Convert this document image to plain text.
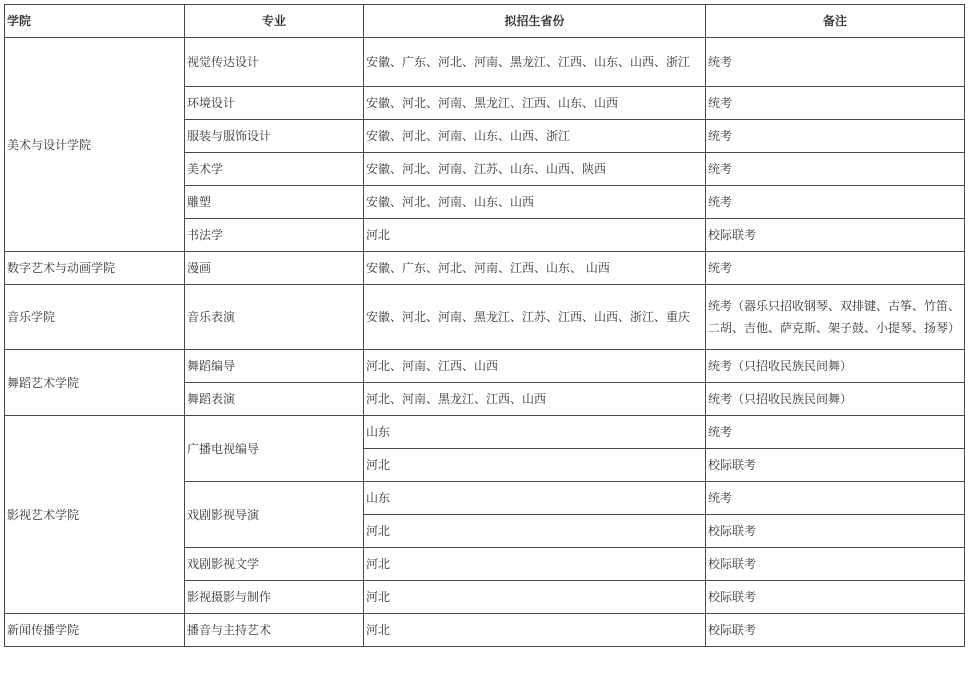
学院	专业	拟招生省份	备注
美术与设计学院	视觉传达设计	安徽、广东、河北、河南、黑龙江、江西、山东、山西、浙江	统考
	环境设计	安徽、河北、河南、黑龙江、江西、山东、山西	统考
	服装与服饰设计	安徽、河北、河南、山东、山西、浙江	统考
	美术学	安徽、河北、河南、江苏、山东、山西、陕西	统考
	雕塑	安徽、河北、河南、山东、山西	统考
	书法学	河北	校际联考
数字艺术与动画学院	漫画	安徽、广东、河北、河南、江西、山东、 山西	统考
音乐学院	音乐表演	安徽、河北、河南、黑龙江、江苏、江西、山西、浙江、重庆	统考（器乐只招收钢琴、双排键、古筝、竹笛、二胡、吉他、萨克斯、架子鼓、小提琴、扬琴）
舞蹈艺术学院	舞蹈编导	河北、河南、江西、山西	统考（只招收民族民间舞）
	舞蹈表演	河北、河南、黑龙江、江西、山西	统考（只招收民族民间舞）
影视艺术学院	广播电视编导	山东	统考
		河北	校际联考
	戏剧影视导演	山东	统考
		河北	校际联考
	戏剧影视文学	河北	校际联考
	影视摄影与制作	河北	校际联考
新闻传播学院	播音与主持艺术	河北	校际联考
